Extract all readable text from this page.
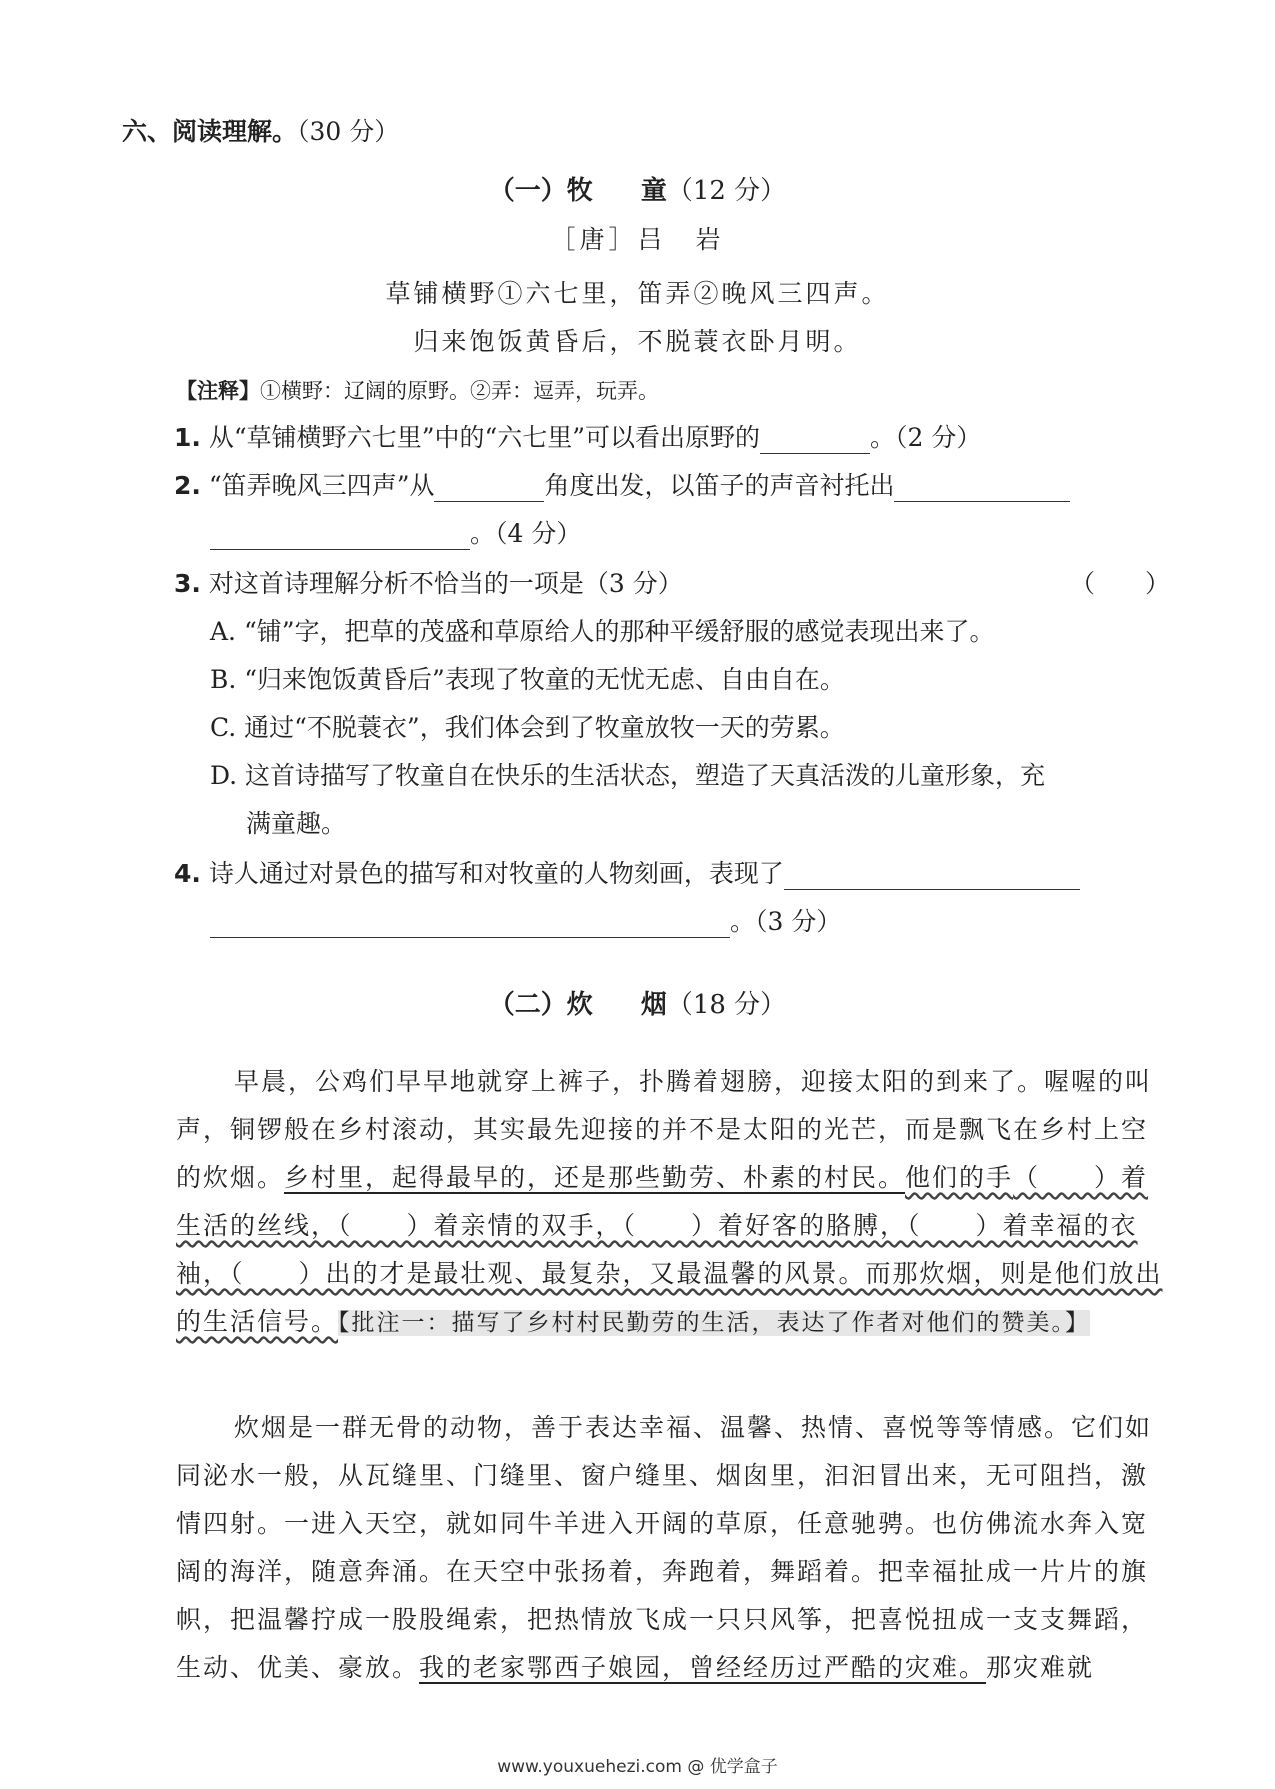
六、阅读理解。（30 分）
（一）牧 童（12 分）
［唐］吕　岩
草铺横野①六七里，笛弄②晚风三四声。
归来饱饭黄昏后，不脱蓑衣卧月明。
【注释】①横野：辽阔的原野。②弄：逗弄，玩弄。
1. 从“草铺横野六七里”中的“六七里”可以看出原野的	。（2 分）
2. “笛弄晚风三四声”从	角度出发，以笛子的声音衬托出
。（4 分）
3. 对这首诗理解分析不恰当的一项是（3 分）	（　　）
A. “铺”字，把草的茂盛和草原给人的那种平缓舒服的感觉表现出来了。
B. “归来饱饭黄昏后”表现了牧童的无忧无虑、自由自在。
C. 通过“不脱蓑衣”，我们体会到了牧童放牧一天的劳累。
D. 这首诗描写了牧童自在快乐的生活状态，塑造了天真活泼的儿童形象，充
满童趣。
4. 诗人通过对景色的描写和对牧童的人物刻画，表现了
。（3 分）
（二）炊 烟（18 分）
早晨，公鸡们早早地就穿上裤子，扑腾着翅膀，迎接太阳的到来了。喔喔的叫声，铜锣般在乡村滚动，其实最先迎接的并不是太阳的光芒，而是飘飞在乡村上空的炊烟。乡村里，起得最早的，还是那些勤劳、朴素的村民。他们的手（　　）着生活的丝线，（　　）着亲情的双手，（　　）着好客的胳膊，（　　）着幸福的衣袖，（　　）出的才是最壮观、最复杂，又最温馨的风景。而那炊烟，则是他们放出的生活信号。【批注一：描写了乡村村民勤劳的生活，表达了作者对他们的赞美。】
炊烟是一群无骨的动物，善于表达幸福、温馨、热情、喜悦等等情感。它们如同泌水一般，从瓦缝里、门缝里、窗户缝里、烟囱里，汩汩冒出来，无可阻挡，激情四射。一进入天空，就如同牛羊进入开阔的草原，任意驰骋。也仿佛流水奔入宽阔的海洋，随意奔涌。在天空中张扬着，奔跑着，舞蹈着。把幸福扯成一片片的旗帜，把温馨拧成一股股绳索，把热情放飞成一只只风筝，把喜悦扭成一支支舞蹈，生动、优美、豪放。我的老家鄂西子娘园，曾经经历过严酷的灾难。那灾难就
www.youxuehezi.com @ 优学盒子
